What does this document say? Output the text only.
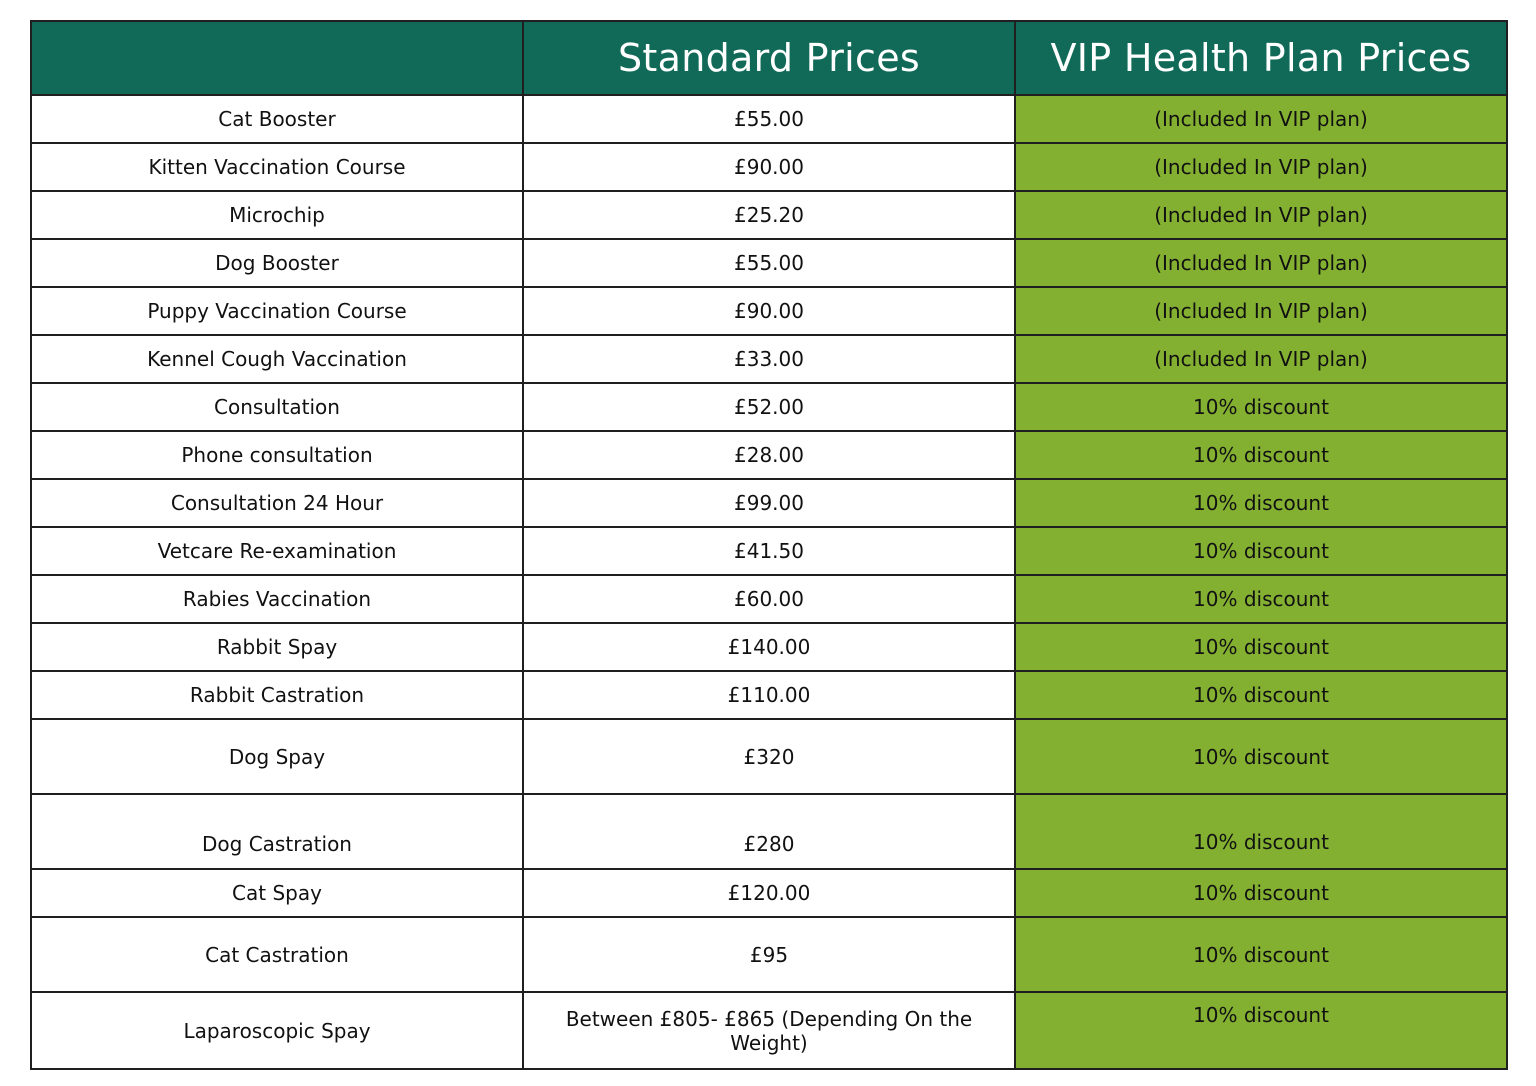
	Standard Prices	VIP Health Plan Prices
Cat Booster	£55.00	(Included In VIP plan)
Kitten Vaccination Course	£90.00	(Included In VIP plan)
Microchip	£25.20	(Included In VIP plan)
Dog Booster	£55.00	(Included In VIP plan)
Puppy Vaccination Course	£90.00	(Included In VIP plan)
Kennel Cough Vaccination	£33.00	(Included In VIP plan)
Consultation	£52.00	10% discount
Phone consultation	£28.00	10% discount
Consultation 24 Hour	£99.00	10% discount
Vetcare Re-examination	£41.50	10% discount
Rabies Vaccination	£60.00	10% discount
Rabbit Spay	£140.00	10% discount
Rabbit Castration	£110.00	10% discount
Dog Spay	£320	10% discount
Dog Castration	£280	10% discount
Cat Spay	£120.00	10% discount
Cat Castration	£95	10% discount
Laparoscopic Spay	Between £805- £865 (Depending On the Weight)	10% discount
